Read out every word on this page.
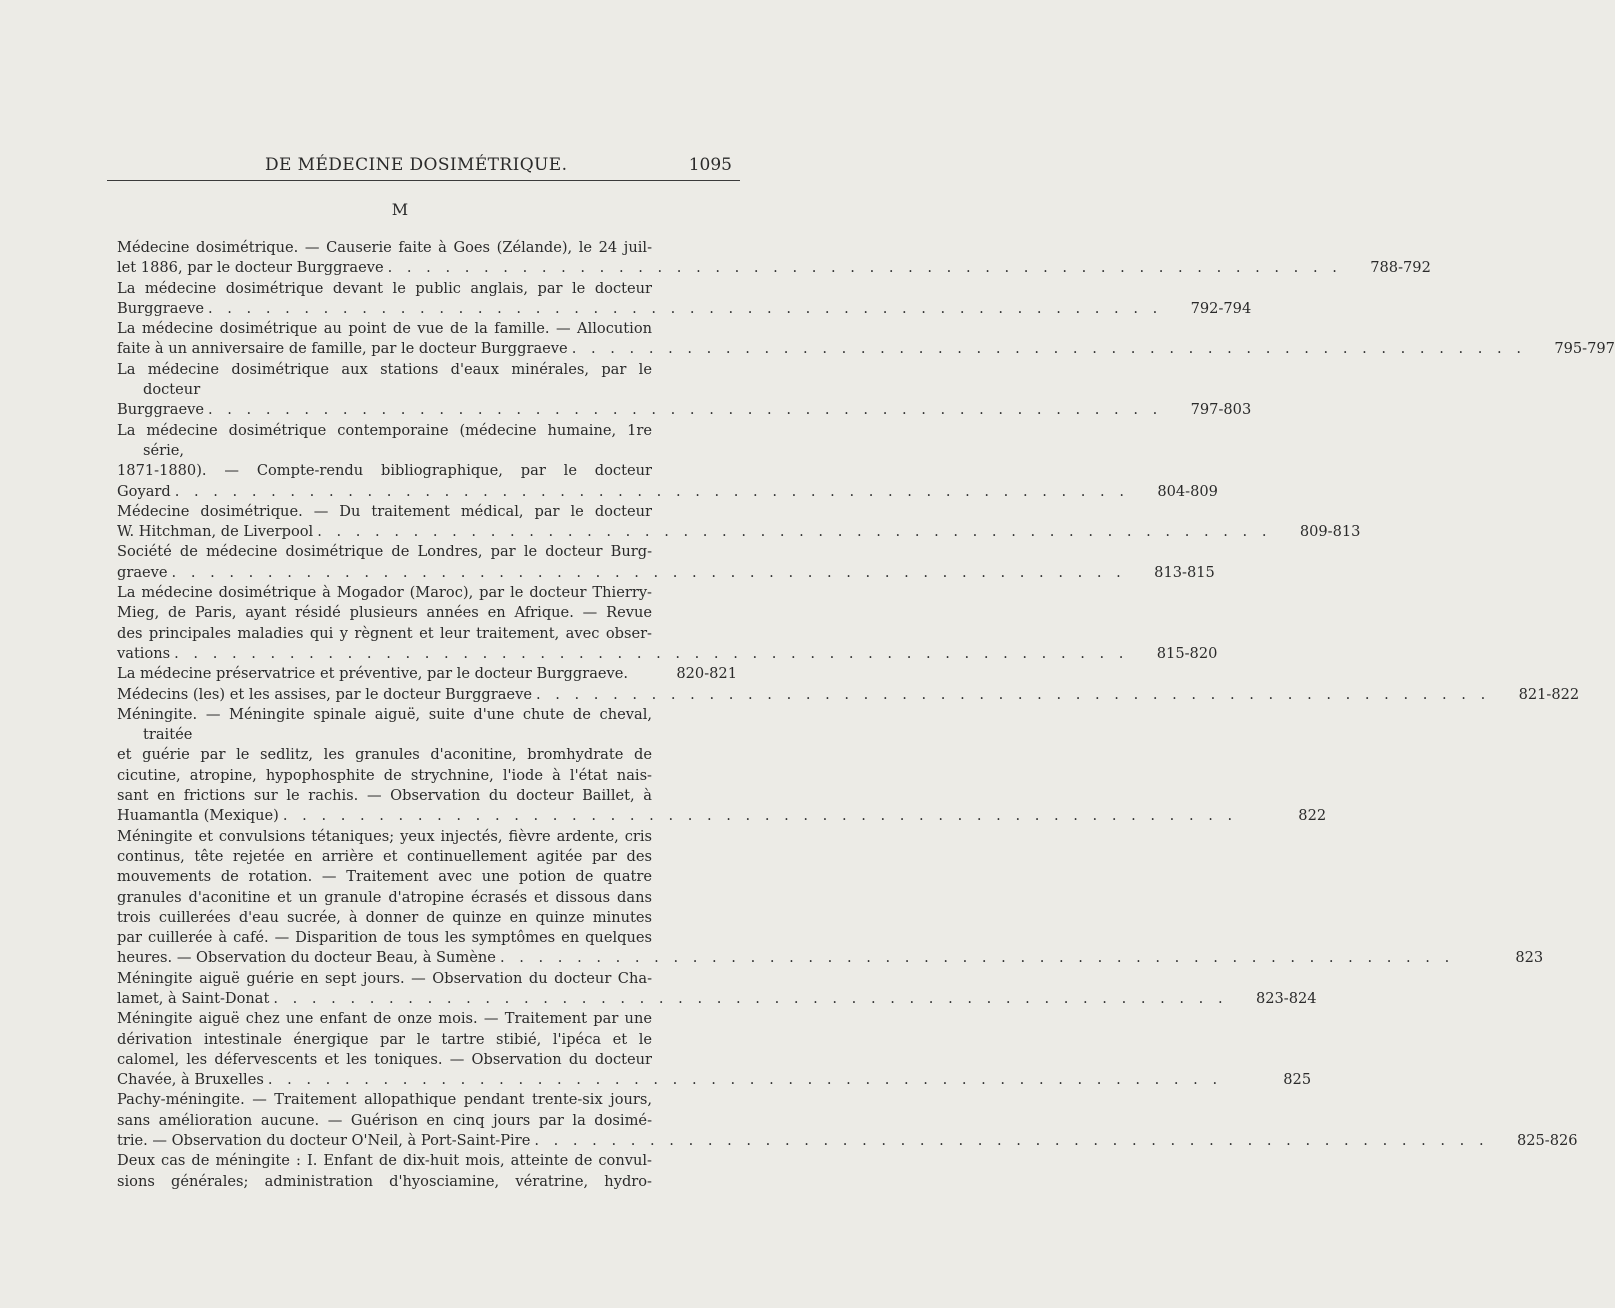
DE MÉDECINE DOSIMÉTRIQUE.	1095
M
Médecine dosimétrique. — Causerie faite à Goes (Zélande), le 24 juil-
let 1886, par le docteur Burggraeve . . . . . . . . . . . . . . . . . . . . . . . . . . . . . . . . . . . . . . . . . . . . . . . . . .	788-792
La médecine dosimétrique devant le public anglais, par le docteur
Burggraeve . . . . . . . . . . . . . . . . . . . . . . . . . . . . . . . . . . . . . . . . . . . . . . . . . .	792-794
La médecine dosimétrique au point de vue de la famille. — Allocution
faite à un anniversaire de famille, par le docteur Burggraeve . . . . . . . . . . . . . . . . . . . . . . . . . . . . . . . . . . . . . . . . . . . . . . . . . .	795-797
La médecine dosimétrique aux stations d'eaux minérales, par le docteur
Burggraeve . . . . . . . . . . . . . . . . . . . . . . . . . . . . . . . . . . . . . . . . . . . . . . . . . .	797-803
La médecine dosimétrique contemporaine (médecine humaine, 1re série,
1871-1880). — Compte-rendu bibliographique, par le docteur
Goyard . . . . . . . . . . . . . . . . . . . . . . . . . . . . . . . . . . . . . . . . . . . . . . . . . .	804-809
Médecine dosimétrique. — Du traitement médical, par le docteur
W. Hitchman, de Liverpool . . . . . . . . . . . . . . . . . . . . . . . . . . . . . . . . . . . . . . . . . . . . . . . . . .	809-813
Société de médecine dosimétrique de Londres, par le docteur Burg-
graeve . . . . . . . . . . . . . . . . . . . . . . . . . . . . . . . . . . . . . . . . . . . . . . . . . .	813-815
La médecine dosimétrique à Mogador (Maroc), par le docteur Thierry-
Mieg, de Paris, ayant résidé plusieurs années en Afrique. — Revue
des principales maladies qui y règnent et leur traitement, avec obser-
vations . . . . . . . . . . . . . . . . . . . . . . . . . . . . . . . . . . . . . . . . . . . . . . . . . .	815-820
La médecine préservatrice et préventive, par le docteur Burggraeve.	820-821
Médecins (les) et les assises, par le docteur Burggraeve . . . . . . . . . . . . . . . . . . . . . . . . . . . . . . . . . . . . . . . . . . . . . . . . . .	821-822
Méningite. — Méningite spinale aiguë, suite d'une chute de cheval, traitée
et guérie par le sedlitz, les granules d'aconitine, bromhydrate de
cicutine, atropine, hypophosphite de strychnine, l'iode à l'état nais-
sant en frictions sur le rachis. — Observation du docteur Baillet, à
Huamantla (Mexique) . . . . . . . . . . . . . . . . . . . . . . . . . . . . . . . . . . . . . . . . . . . . . . . . . .	822
Méningite et convulsions tétaniques; yeux injectés, fièvre ardente, cris
continus, tête rejetée en arrière et continuellement agitée par des
mouvements de rotation. — Traitement avec une potion de quatre
granules d'aconitine et un granule d'atropine écrasés et dissous dans
trois cuillerées d'eau sucrée, à donner de quinze en quinze minutes
par cuillerée à café. — Disparition de tous les symptômes en quelques
heures. — Observation du docteur Beau, à Sumène . . . . . . . . . . . . . . . . . . . . . . . . . . . . . . . . . . . . . . . . . . . . . . . . . .	823
Méningite aiguë guérie en sept jours. — Observation du docteur Cha-
lamet, à Saint-Donat . . . . . . . . . . . . . . . . . . . . . . . . . . . . . . . . . . . . . . . . . . . . . . . . . .	823-824
Méningite aiguë chez une enfant de onze mois. — Traitement par une
dérivation intestinale énergique par le tartre stibié, l'ipéca et le
calomel, les défervescents et les toniques. — Observation du docteur
Chavée, à Bruxelles . . . . . . . . . . . . . . . . . . . . . . . . . . . . . . . . . . . . . . . . . . . . . . . . . .	825
Pachy-méningite. — Traitement allopathique pendant trente-six jours,
sans amélioration aucune. — Guérison en cinq jours par la dosimé-
trie. — Observation du docteur O'Neil, à Port-Saint-Pire . . . . . . . . . . . . . . . . . . . . . . . . . . . . . . . . . . . . . . . . . . . . . . . . . .	825-826
Deux cas de méningite : I. Enfant de dix-huit mois, atteinte de convul-
sions générales; administration d'hyosciamine, vératrine, hydro-
